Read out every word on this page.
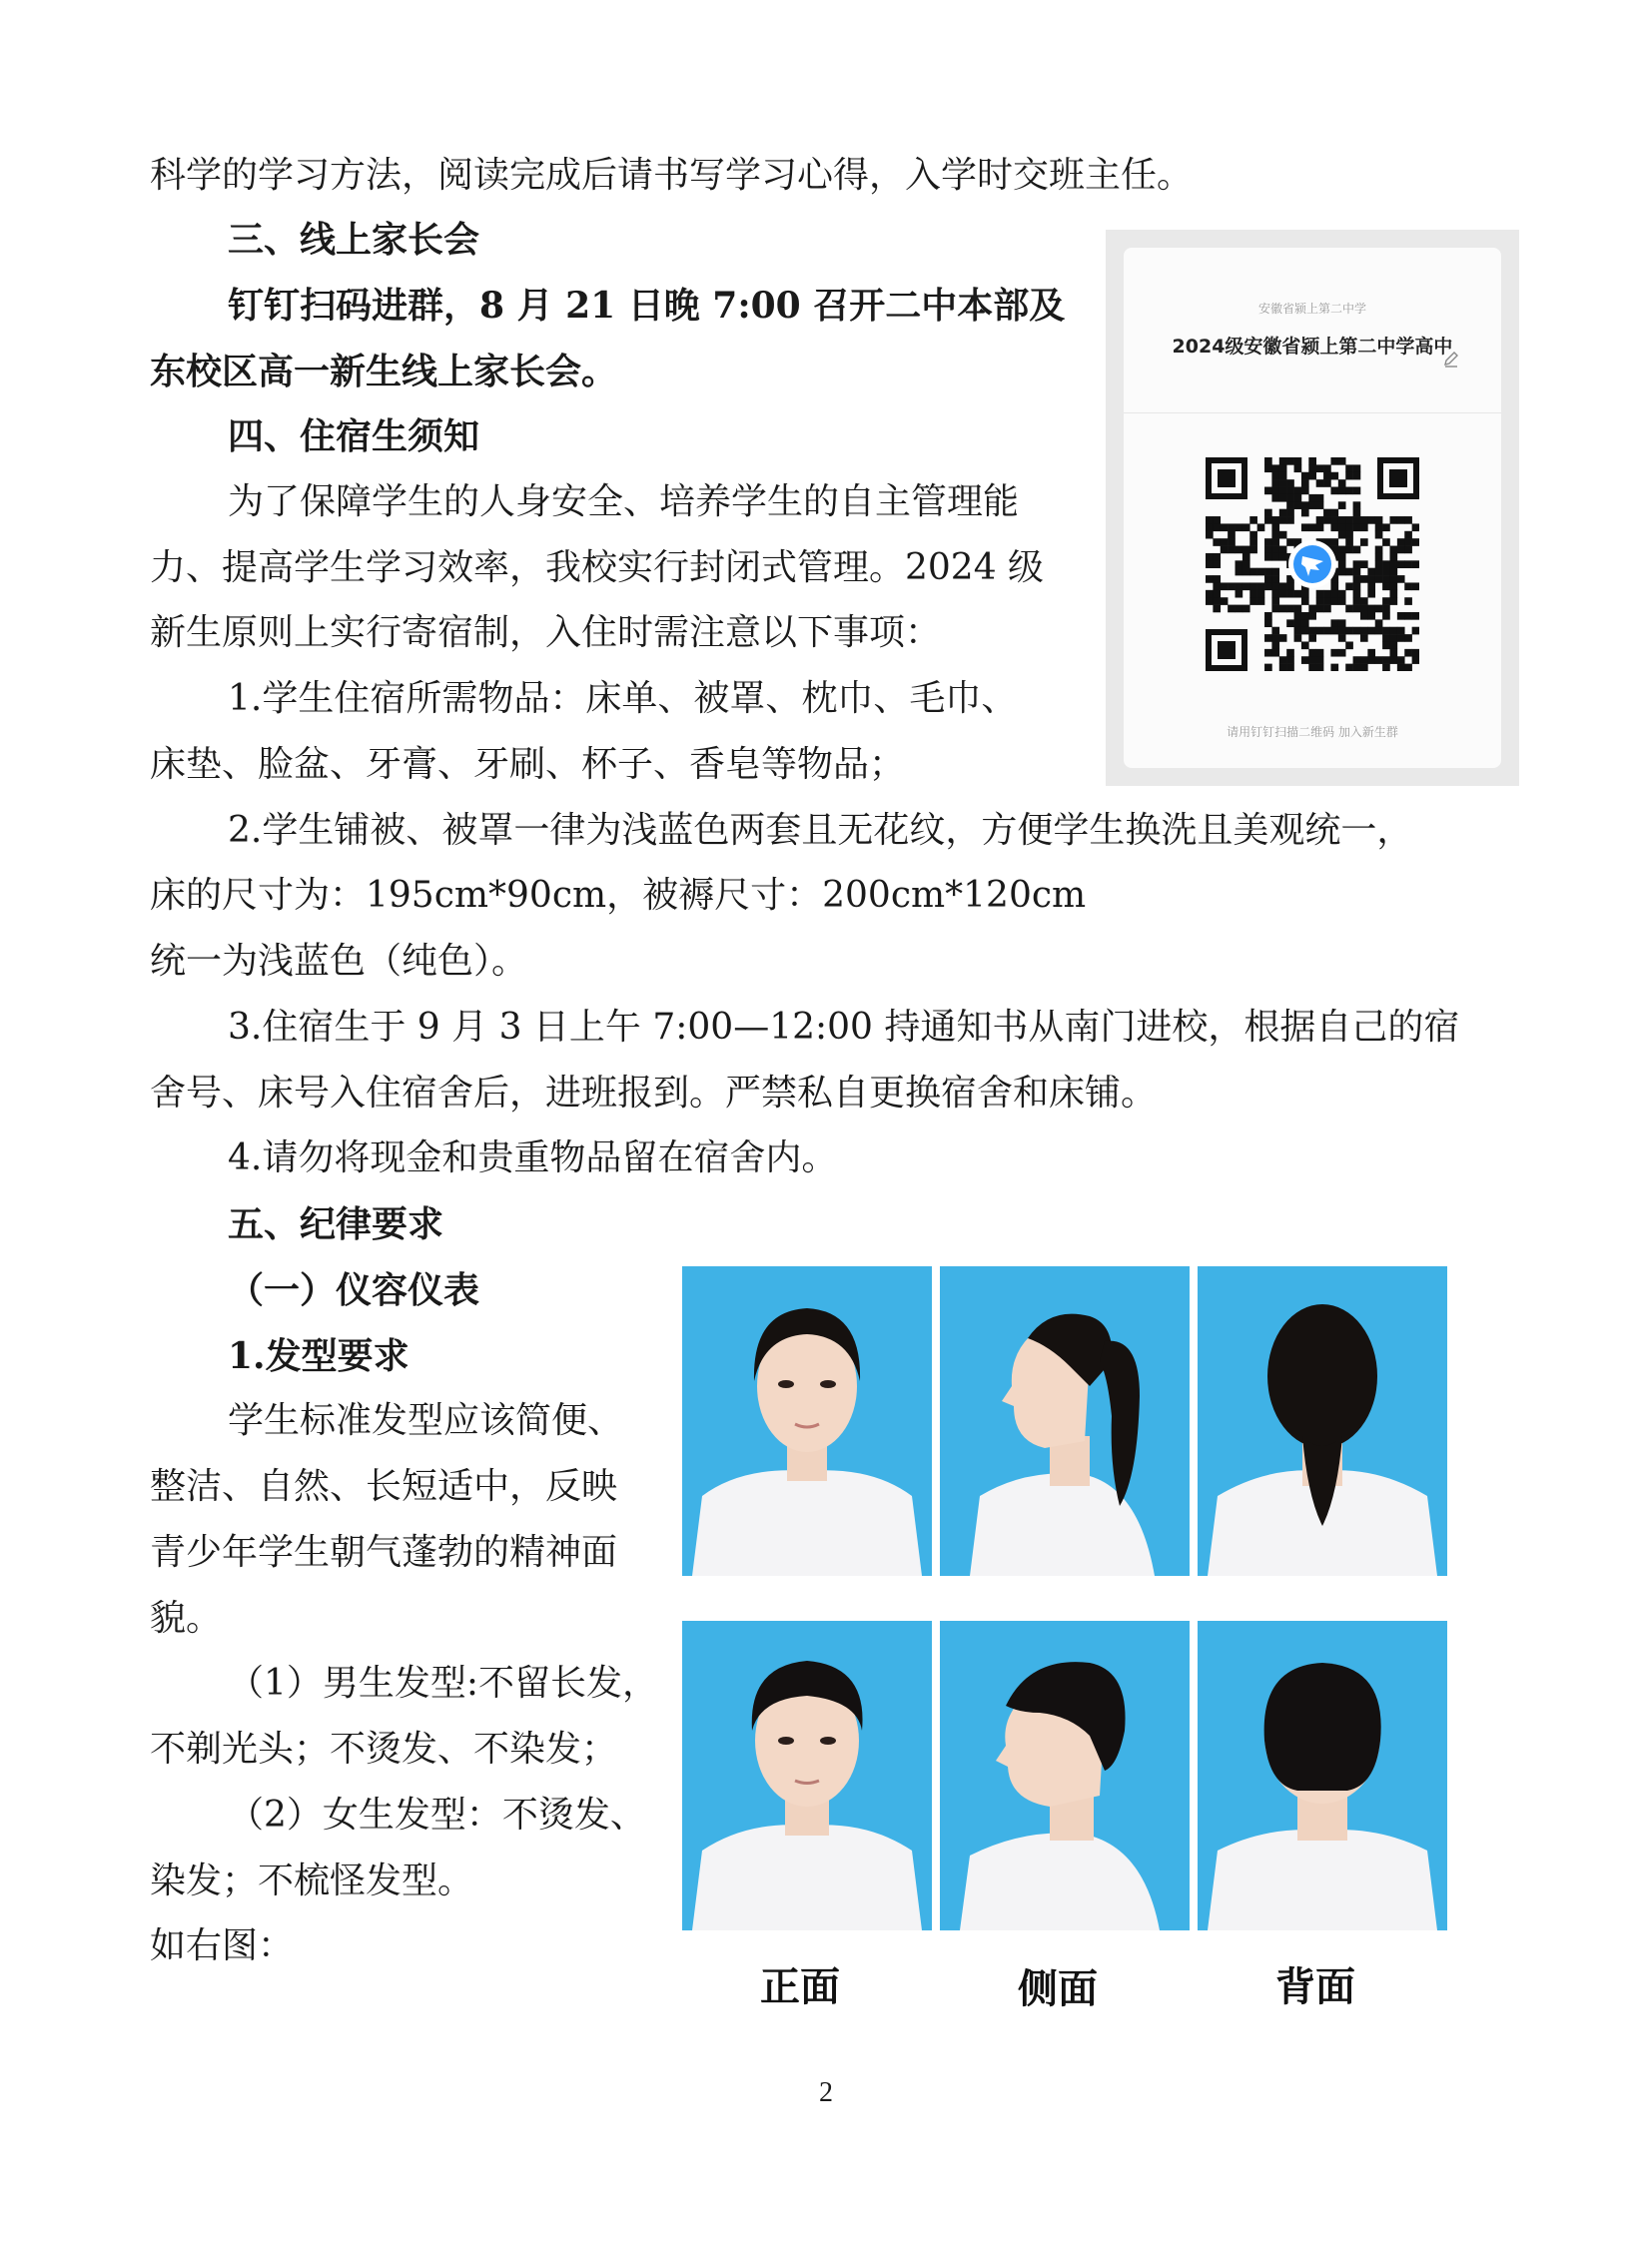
科学的学习方法，阅读完成后请书写学习心得，入学时交班主任。

三、线上家长会

钉钉扫码进群，8 月 21 日晚 7:00 召开二中本部及

东校区高一新生线上家长会。

四、住宿生须知

为了保障学生的人身安全、培养学生的自主管理能

力、提高学生学习效率，我校实行封闭式管理。2024 级

新生原则上实行寄宿制，入住时需注意以下事项：

1.学生住宿所需物品：床单、被罩、枕巾、毛巾、

床垫、脸盆、牙膏、牙刷、杯子、香皂等物品；

2.学生铺被、被罩一律为浅蓝色两套且无花纹，方便学生换洗且美观统一，

床的尺寸为：195cm*90cm，被褥尺寸：200cm*120cm

统一为浅蓝色（纯色）。

3.住宿生于 9 月 3 日上午 7:00—12:00 持通知书从南门进校，根据自己的宿

舍号、床号入住宿舍后，进班报到。严禁私自更换宿舍和床铺。

4.请勿将现金和贵重物品留在宿舍内。

五、纪律要求

（一）仪容仪表

1.发型要求

学生标准发型应该简便、

整洁、自然、长短适中，反映

青少年学生朝气蓬勃的精神面

貌。

（1）男生发型:不留长发，

不剃光头；不烫发、不染发；

（2）女生发型：不烫发、

染发；不梳怪发型。

如右图：

安徽省颍上第二中学
2024级安徽省颍上第二中学高中
请用钉钉扫描二维码 加入新生群
正面	侧面	背面
2
